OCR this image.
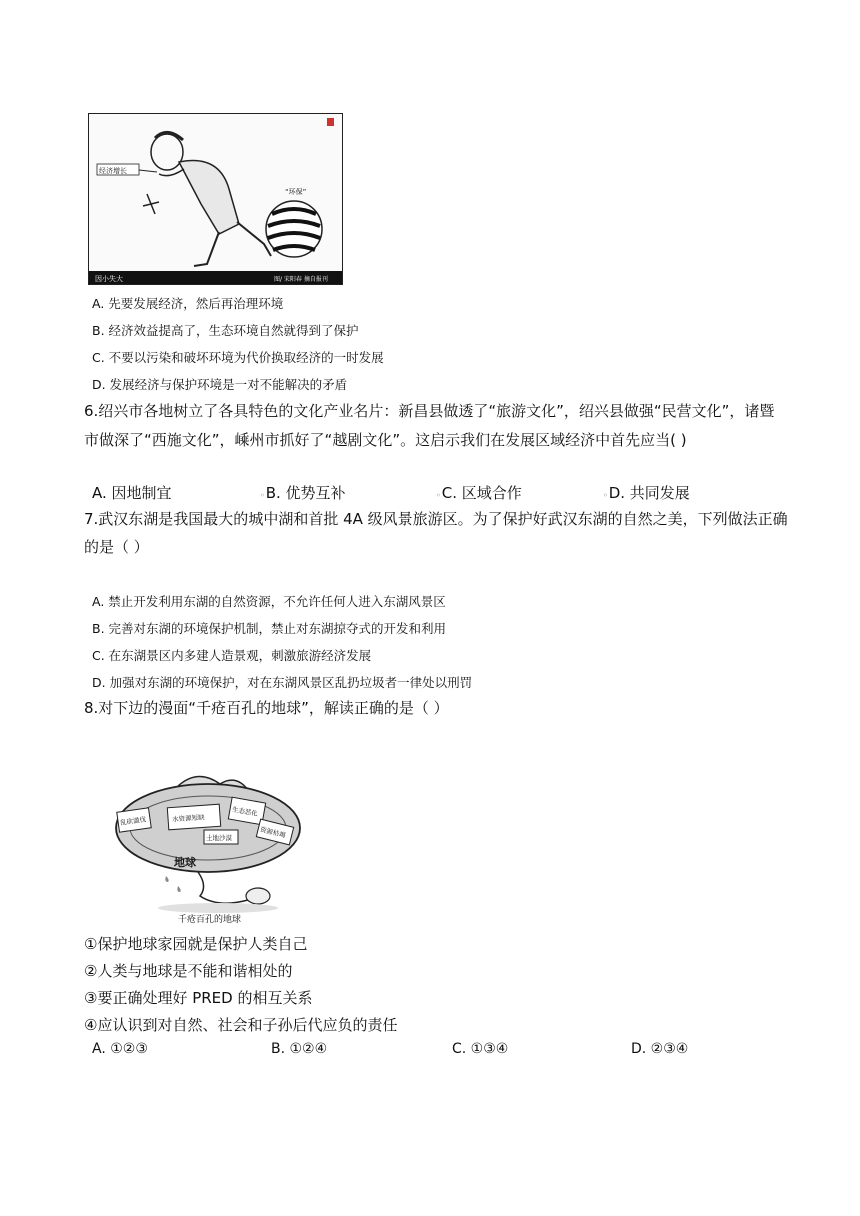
经济增长
“环保”
因小失大	图/ 宋阳春 摘自报刊
A. 先要发展经济，然后再治理环境
B. 经济效益提高了，生态环境自然就得到了保护
C. 不要以污染和破坏环境为代价换取经济的一时发展
D. 发展经济与保护环境是一对不能解决的矛盾
6.绍兴市各地树立了各具特色的文化产业名片：新昌县做透了“旅游文化”，绍兴县做强“民营文化”，诸暨
市做深了“西施文化”，嵊州市抓好了“越剧文化”。这启示我们在发展区域经济中首先应当( )
A. 因地制宜	◦B. 优势互补	◦C. 区域合作	◦D. 共同发展
7.武汉东湖是我国最大的城中湖和首批 4A 级风景旅游区。为了保护好武汉东湖的自然之美，下列做法正确
的是（ ）
A. 禁止开发利用东湖的自然资源，不允许任何人进入东湖风景区
B. 完善对东湖的环境保护机制，禁止对东湖掠夺式的开发和利用
C. 在东湖景区内多建人造景观，刺激旅游经济发展
D. 加强对东湖的环境保护，对在东湖风景区乱扔垃圾者一律处以刑罚
8.对下边的漫面“千疮百孔的地球”，解读正确的是（ ）
乱砍滥伐	水资源短缺
生态恶化
土地沙漠	资源枯竭
地球
千疮百孔的地球
①保护地球家园就是保护人类自己
②人类与地球是不能和谐相处的
③要正确处理好 PRED 的相互关系
④应认识到对自然、社会和子孙后代应负的责任
A. ①②③	B. ①②④	C. ①③④	D. ②③④
